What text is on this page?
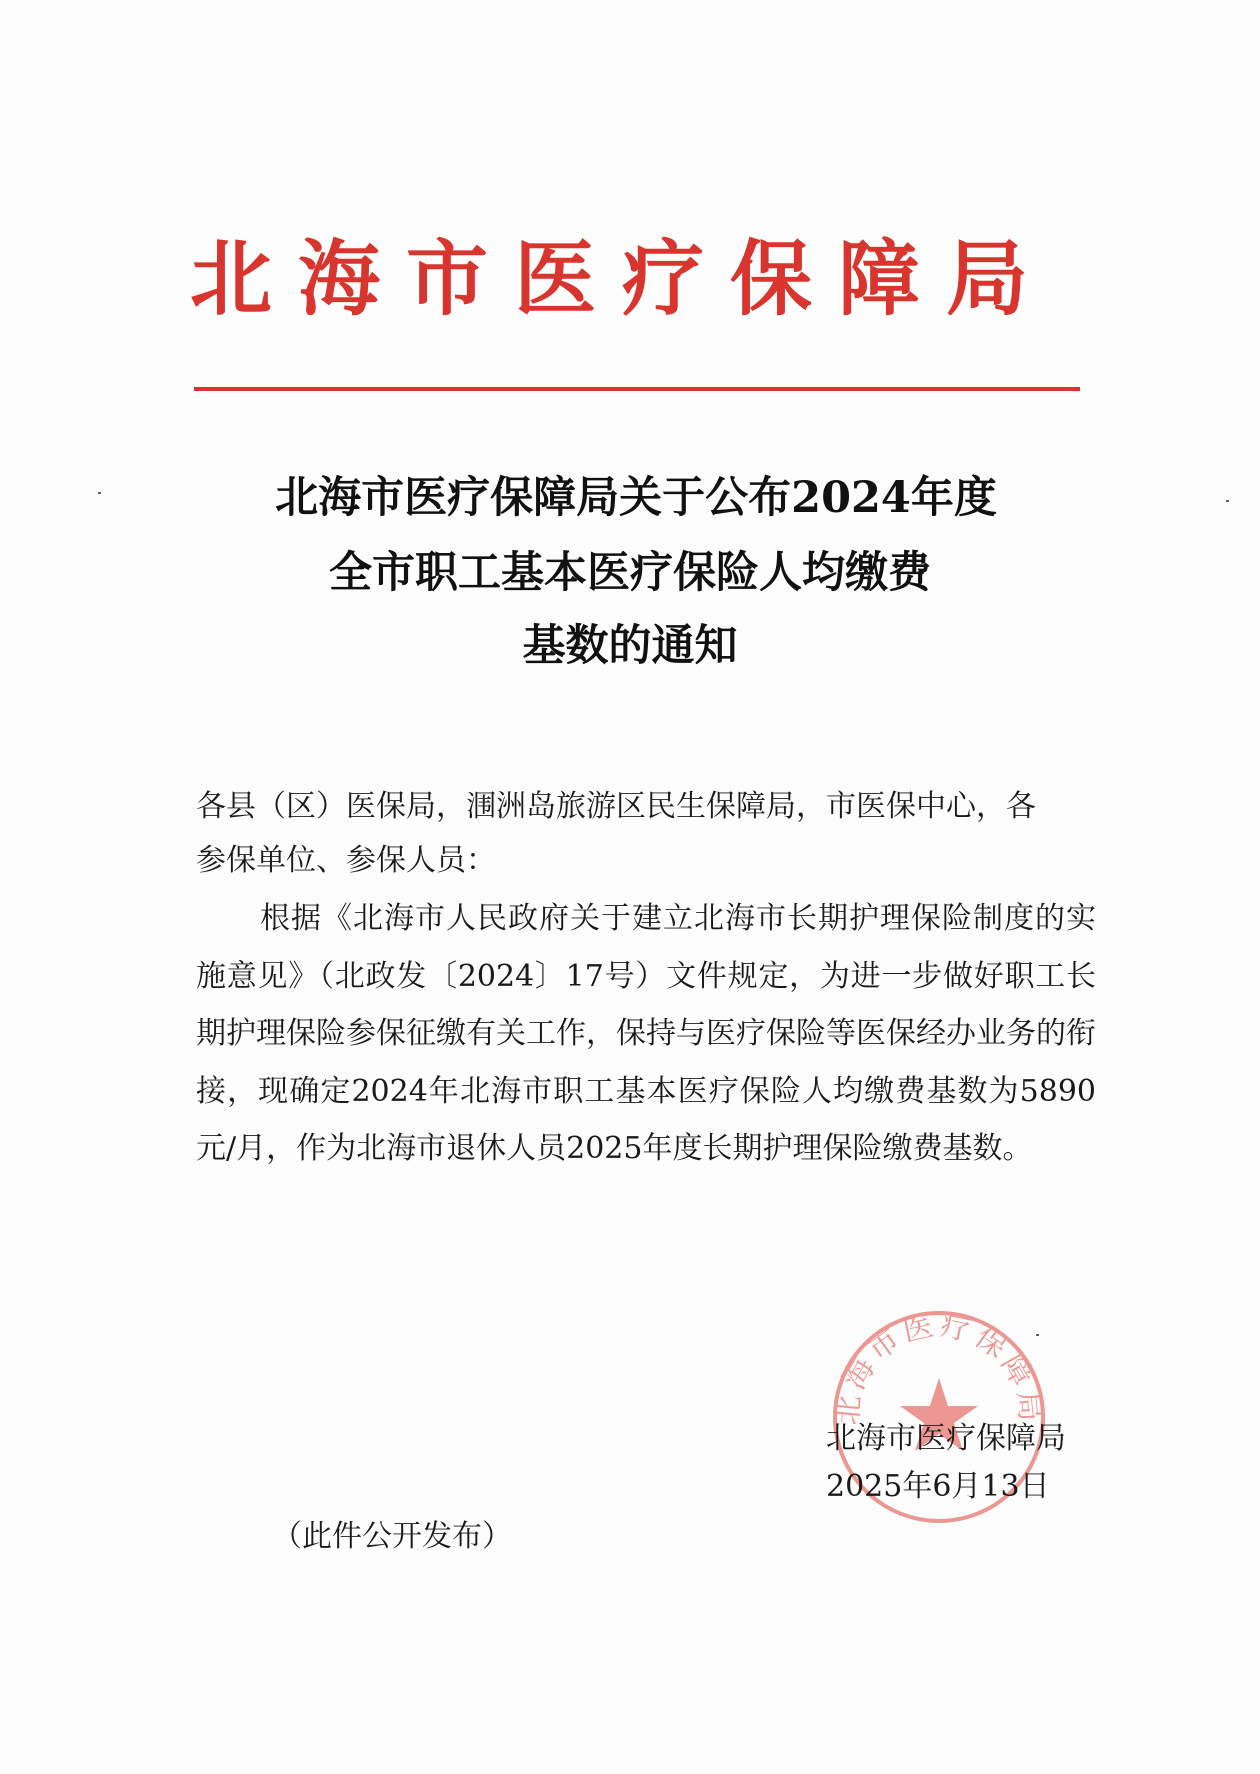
北海市医疗保障局
北海市医疗保障局关于公布2024年度
全市职工基本医疗保险人均缴费
基数的通知
各县（区）医保局，涠洲岛旅游区民生保障局，市医保中心，各
参保单位、参保人员：
根据《北海市人民政府关于建立北海市长期护理保险制度的实施意见》（北政发〔2024〕17号）文件规定，为进一步做好职工长期护理保险参保征缴有关工作，保持与医疗保险等医保经办业务的衔接，现确定2024年北海市职工基本医疗保险人均缴费基数为5890元/月，作为北海市退休人员2025年度长期护理保险缴费基数。
北海市医疗保障局
北海市医疗保障局
2025年6月13日
（此件公开发布）
